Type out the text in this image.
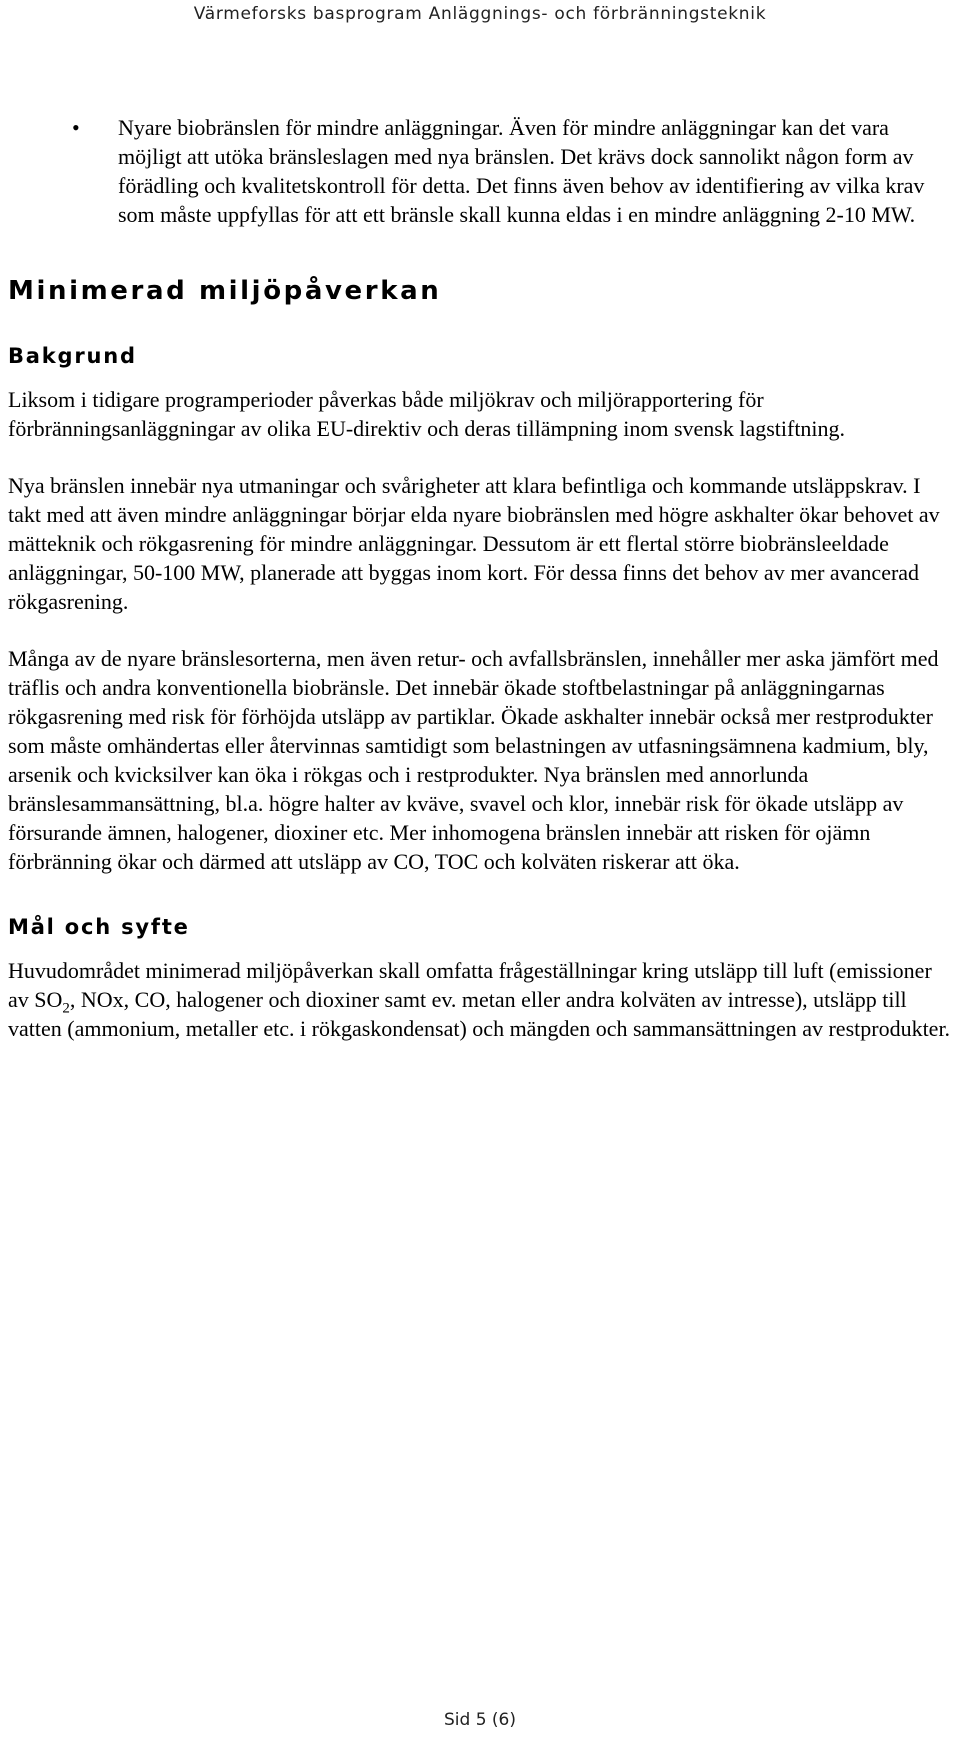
Värmeforsks basprogram Anläggnings- och förbränningsteknik
•	Nyare biobränslen för mindre anläggningar. Även för mindre anläggningar kan det vara möjligt att utöka bränsleslagen med nya bränslen. Det krävs dock sannolikt någon form av förädling och kvalitetskontroll för detta. Det finns även behov av identifiering av vilka krav som måste uppfyllas för att ett bränsle skall kunna eldas i en mindre anläggning 2-10 MW.

Minimerad miljöpåverkan
Bakgrund

Liksom i tidigare programperioder påverkas både miljökrav och miljörapportering för förbränningsanläggningar av olika EU-direktiv och deras tillämpning inom svensk lagstiftning.

Nya bränslen innebär nya utmaningar och svårigheter att klara befintliga och kommande utsläppskrav. I takt med att även mindre anläggningar börjar elda nyare biobränslen med högre askhalter ökar behovet av mätteknik och rökgasrening för mindre anläggningar. Dessutom är ett flertal större biobränsleeldade anläggningar, 50-100 MW, planerade att byggas inom kort. För dessa finns det behov av mer avancerad rökgasrening.

Många av de nyare bränslesorterna, men även retur- och avfallsbränslen, innehåller mer aska jämfört med träflis och andra konventionella biobränsle. Det innebär ökade stoftbelastningar på anläggningarnas rökgasrening med risk för förhöjda utsläpp av partiklar. Ökade askhalter innebär också mer restprodukter som måste omhändertas eller återvinnas samtidigt som belastningen av utfasningsämnena kadmium, bly, arsenik och kvicksilver kan öka i rökgas och i restprodukter. Nya bränslen med annorlunda bränslesammansättning, bl.a. högre halter av kväve, svavel och klor, innebär risk för ökade utsläpp av försurande ämnen, halogener, dioxiner etc. Mer inhomogena bränslen innebär att risken för ojämn förbränning ökar och därmed att utsläpp av CO, TOC och kolväten riskerar att öka.

Mål och syfte

Huvudområdet minimerad miljöpåverkan skall omfatta frågeställningar kring utsläpp till luft (emissioner av $SO_2$, NOx, CO, halogener och dioxiner samt ev. metan eller andra kolväten av intresse), utsläpp till vatten (ammonium, metaller etc. i rökgaskondensat) och mängden och sammansättningen av restprodukter.

Sid 5 (6)
